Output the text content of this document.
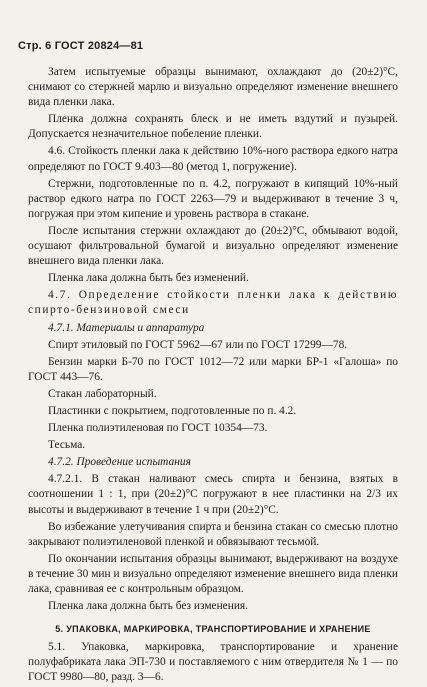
Стр. 6 ГОСТ 20824—81

Затем испытуемые образцы вынимают, охлаждают до (20±2)°С, снимают со стержней марлю и визуально определяют изменение внешнего вида пленки лака.

Пленка должна сохранять блеск и не иметь вздутий и пузырей. Допускается незначительное побеление пленки.

4.6. Стойкость пленки лака к действию 10%-ного раствора едкого натра определяют по ГОСТ 9.403—80 (метод 1, погружение).

Стержни, подготовленные по п. 4.2, погружают в кипящий 10%-ный раствор едкого натра по ГОСТ 2263—79 и выдерживают в течение 3 ч, погружая при этом кипение и уровень раствора в стакане.

После испытания стержни охлаждают до (20±2)°С, обмывают водой, осушают фильтровальной бумагой и визуально определяют изменение внешнего вида пленки лака.

Пленка лака должна быть без изменений.

4.7. Определение стойкости пленки лака к действию спирто-бензиновой смеси

4.7.1. Материалы и аппаратура

Спирт этиловый по ГОСТ 5962—67 или по ГОСТ 17299—78.

Бензин марки Б-70 по ГОСТ 1012—72 или марки БР-1 «Галоша» по ГОСТ 443—76.

Стакан лабораторный.

Пластинки с покрытием, подготовленные по п. 4.2.

Пленка полиэтиленовая по ГОСТ 10354—73.

Тесьма.

4.7.2. Проведение испытания

4.7.2.1. В стакан наливают смесь спирта и бензина, взятых в соотношении 1 : 1, при (20±2)°С погружают в нее пластинки на 2/3 их высоты и выдерживают в течение 1 ч при (20±2)°С.

Во избежание улетучивания спирта и бензина стакан со смесью плотно закрывают полиэтиленовой пленкой и обвязывают тесьмой.

По окончании испытания образцы вынимают, выдерживают на воздухе в течение 30 мин и визуально определяют изменение внешнего вида пленки лака, сравнивая ее с контрольным образцом.

Пленка лака должна быть без изменения.

5. УПАКОВКА, МАРКИРОВКА, ТРАНСПОРТИРОВАНИЕ И ХРАНЕНИЕ

5.1. Упаковка, маркировка, транспортирование и хранение полуфабриката лака ЭП-730 и поставляемого с ним отвердителя № 1 — по ГОСТ 9980—80, разд. 3—6.
